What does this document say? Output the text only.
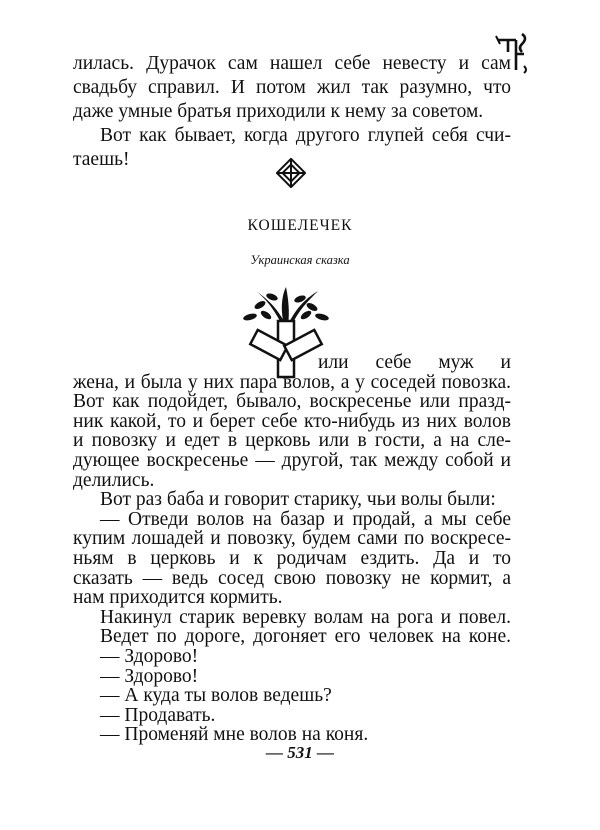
лилась. Дурачок сам нашел себе невесту и сам
свадьбу справил. И потом жил так разумно, что
даже умные братья приходили к нему за советом.
Вот как бывает, когда другого глупей себя счи-
таешь!
КОШЕЛЕЧЕК
Украинская сказка
или себе муж и
жена, и была у них пара волов, а у соседей повозка.
Вот как подойдет, бывало, воскресенье или празд-
ник какой, то и берет себе кто-нибудь из них волов
и повозку и едет в церковь или в гости, а на сле-
дующее воскресенье — другой, так между собой и
делились.
Вот раз баба и говорит старику, чьи волы были:
— Отведи волов на базар и продай, а мы себе
купим лошадей и повозку, будем сами по воскресе-
ньям в церковь и к родичам ездить. Да и то
сказать — ведь сосед свою повозку не кормит, а
нам приходится кормить.
Накинул старик веревку волам на рога и повел.
Ведет по дороге, догоняет его человек на коне.
— 531 —
— Здорово!
— Здорово!
— А куда ты волов ведешь?
— Продавать.
— Променяй мне волов на коня.
